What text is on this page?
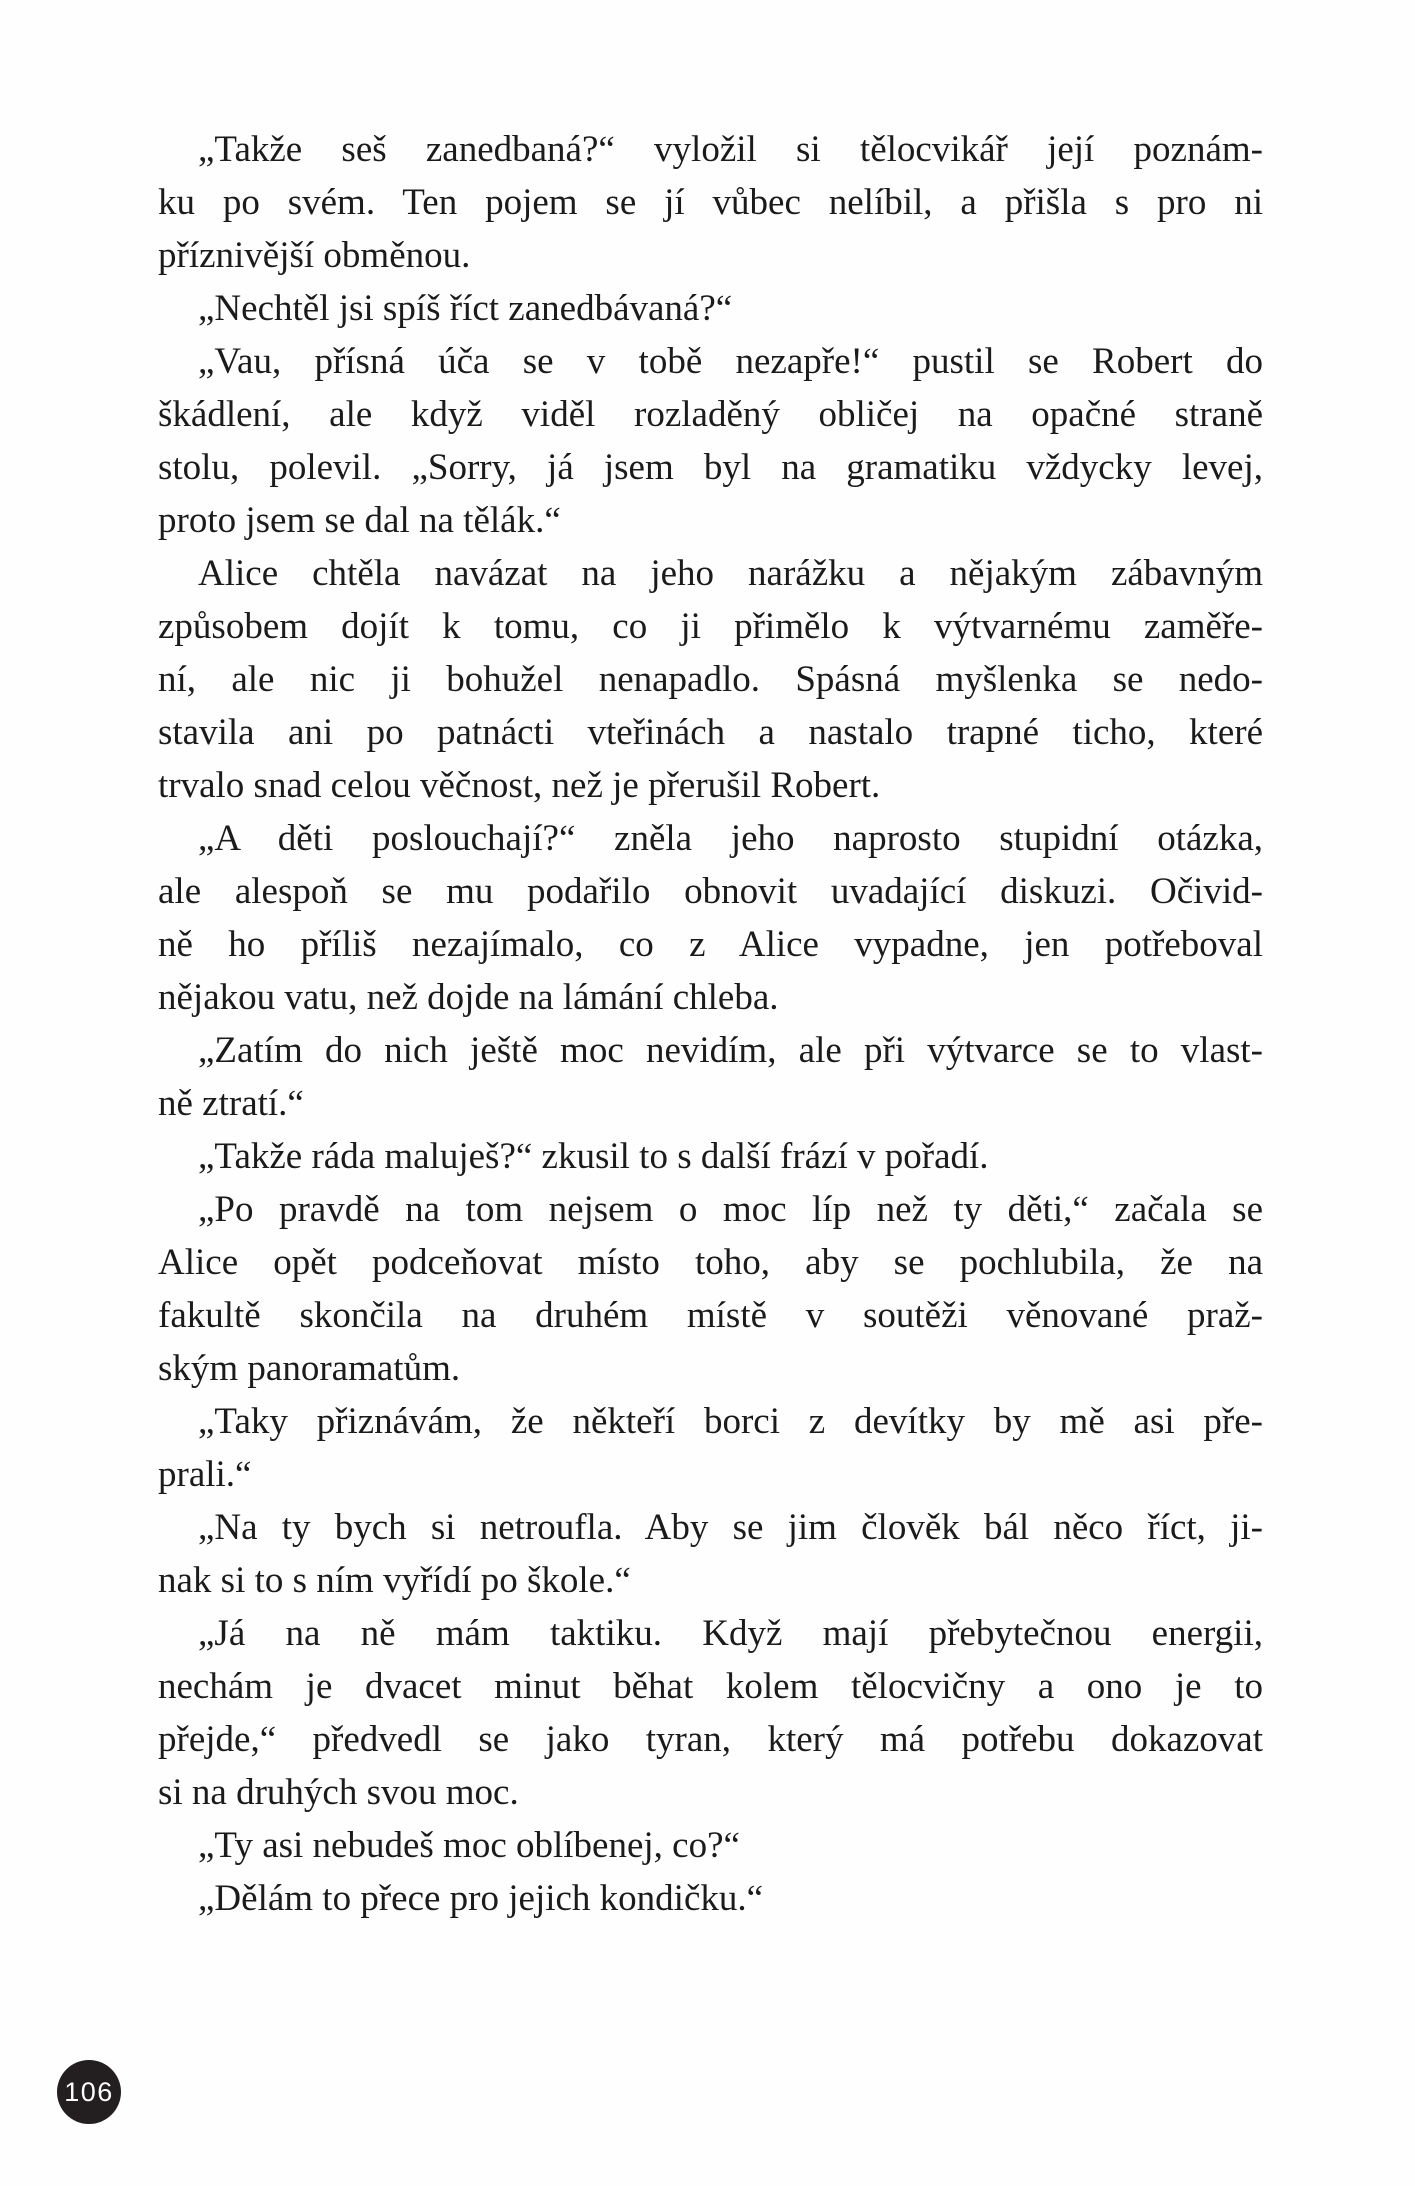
„Takže seš zanedbaná?“ vyložil si tělocvikář její poznám-
ku po svém. Ten pojem se jí vůbec nelíbil, a přišla s pro ni
příznivější obměnou.
„Nechtěl jsi spíš říct zanedbávaná?“
„Vau, přísná úča se v tobě nezapře!“ pustil se Robert do
škádlení, ale když viděl rozladěný obličej na opačné straně
stolu, polevil. „Sorry, já jsem byl na gramatiku vždycky levej,
proto jsem se dal na tělák.“
Alice chtěla navázat na jeho narážku a nějakým zábavným
způsobem dojít k tomu, co ji přimělo k výtvarnému zaměře-
ní, ale nic ji bohužel nenapadlo. Spásná myšlenka se nedo-
stavila ani po patnácti vteřinách a nastalo trapné ticho, které
trvalo snad celou věčnost, než je přerušil Robert.
„A děti poslouchají?“ zněla jeho naprosto stupidní otázka,
ale alespoň se mu podařilo obnovit uvadající diskuzi. Očivid-
ně ho příliš nezajímalo, co z Alice vypadne, jen potřeboval
nějakou vatu, než dojde na lámání chleba.
„Zatím do nich ještě moc nevidím, ale při výtvarce se to vlast-
ně ztratí.“
„Takže ráda maluješ?“ zkusil to s další frází v pořadí.
„Po pravdě na tom nejsem o moc líp než ty děti,“ začala se
Alice opět podceňovat místo toho, aby se pochlubila, že na
fakultě skončila na druhém místě v soutěži věnované praž-
ským panoramatům.
„Taky přiznávám, že někteří borci z devítky by mě asi pře-
prali.“
„Na ty bych si netroufla. Aby se jim člověk bál něco říct, ji-
nak si to s ním vyřídí po škole.“
„Já na ně mám taktiku. Když mají přebytečnou energii,
nechám je dvacet minut běhat kolem tělocvičny a ono je to
přejde,“ předvedl se jako tyran, který má potřebu dokazovat
si na druhých svou moc.
„Ty asi nebudeš moc oblíbenej, co?“
„Dělám to přece pro jejich kondičku.“
106
